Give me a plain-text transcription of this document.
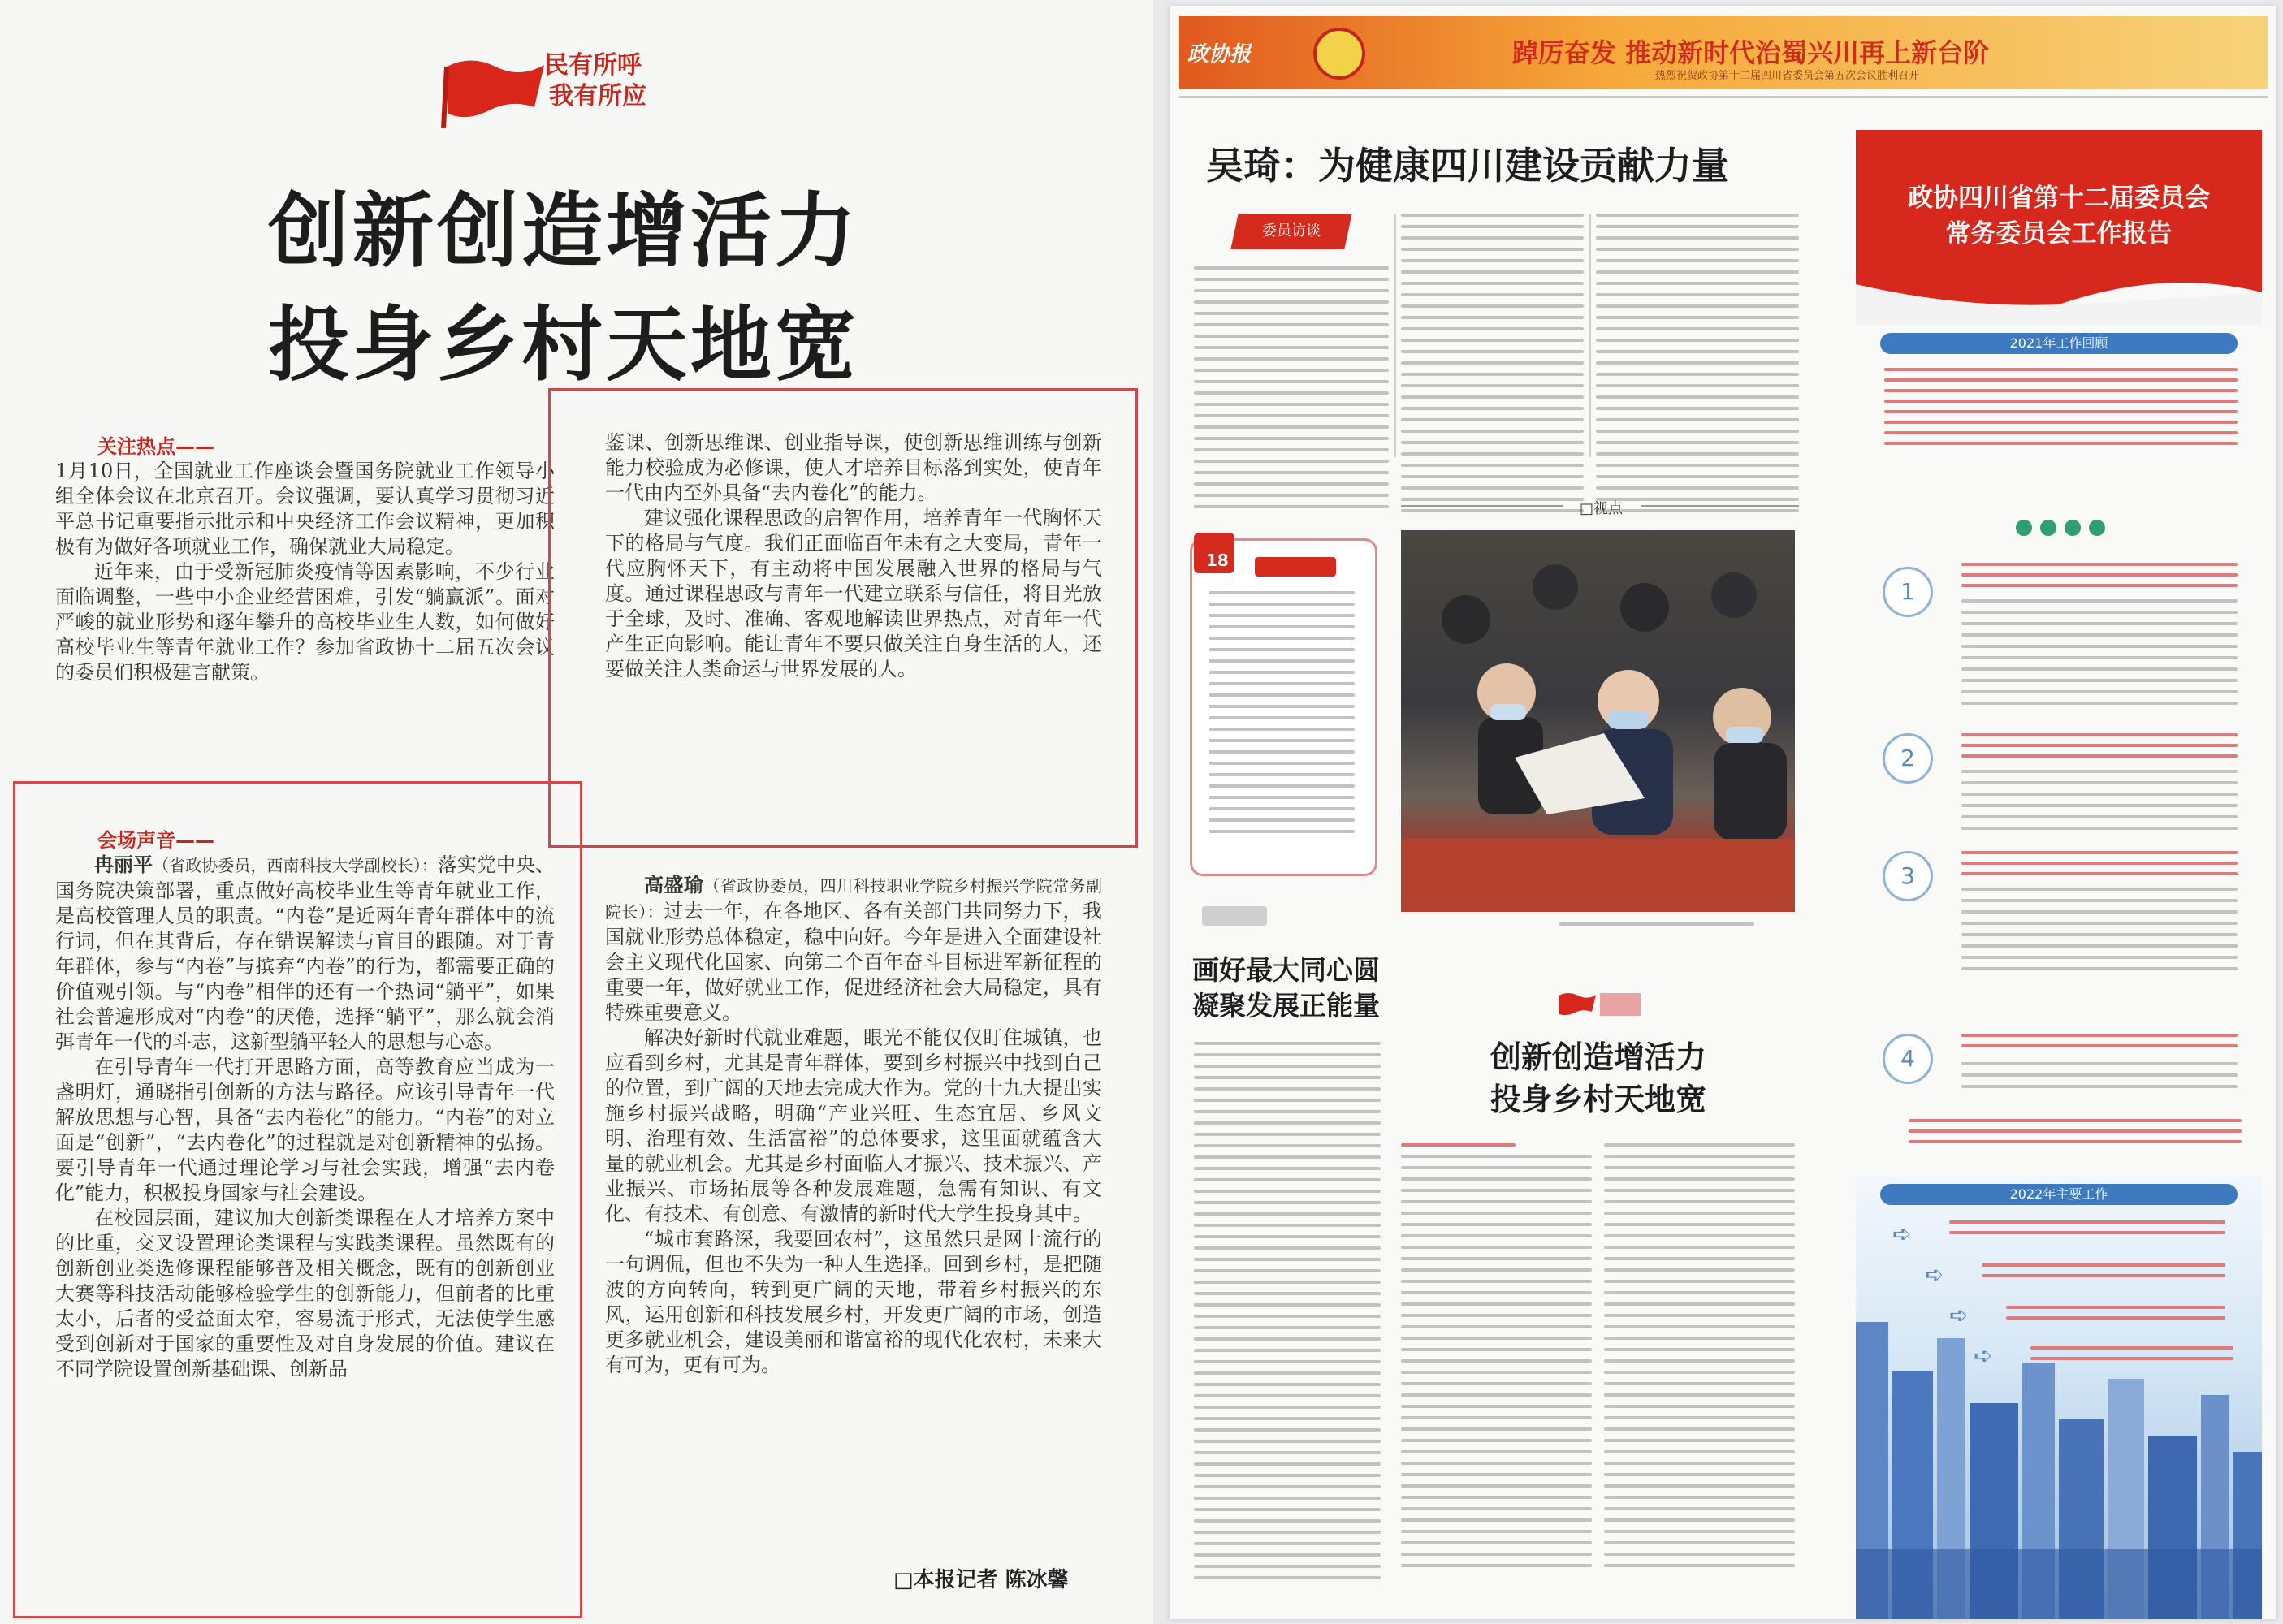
民有所呼
我有所应
创新创造增活力
投身乡村天地宽
关注热点——
1月10日，全国就业工作座谈会暨国务院就业工作领导小组全体会议在北京召开。会议强调，要认真学习贯彻习近平总书记重要指示批示和中央经济工作会议精神，更加积极有为做好各项就业工作，确保就业大局稳定。
近年来，由于受新冠肺炎疫情等因素影响，不少行业面临调整，一些中小企业经营困难，引发“躺赢派”。面对严峻的就业形势和逐年攀升的高校毕业生人数，如何做好高校毕业生等青年就业工作？参加省政协十二届五次会议的委员们积极建言献策。
鉴课、创新思维课、创业指导课，使创新思维训练与创新能力校验成为必修课，使人才培养目标落到实处，使青年一代由内至外具备“去内卷化”的能力。
建议强化课程思政的启智作用，培养青年一代胸怀天下的格局与气度。我们正面临百年未有之大变局，青年一代应胸怀天下，有主动将中国发展融入世界的格局与气度。通过课程思政与青年一代建立联系与信任，将目光放于全球，及时、准确、客观地解读世界热点，对青年一代产生正向影响。能让青年不要只做关注自身生活的人，还要做关注人类命运与世界发展的人。
会场声音——
冉丽平（省政协委员，西南科技大学副校长）：落实党中央、国务院决策部署，重点做好高校毕业生等青年就业工作，是高校管理人员的职责。“内卷”是近两年青年群体中的流行词，但在其背后，存在错误解读与盲目的跟随。对于青年群体，参与“内卷”与摈弃“内卷”的行为，都需要正确的价值观引领。与“内卷”相伴的还有一个热词“躺平”，如果社会普遍形成对“内卷”的厌倦，选择“躺平”，那么就会消弭青年一代的斗志，这新型躺平轻人的思想与心态。
在引导青年一代打开思路方面，高等教育应当成为一盏明灯，通晓指引创新的方法与路径。应该引导青年一代解放思想与心智，具备“去内卷化”的能力。“内卷”的对立面是“创新”，“去内卷化”的过程就是对创新精神的弘扬。要引导青年一代通过理论学习与社会实践，增强“去内卷化”能力，积极投身国家与社会建设。
在校园层面，建议加大创新类课程在人才培养方案中的比重，交叉设置理论类课程与实践类课程。虽然既有的创新创业类选修课程能够普及相关概念，既有的创新创业大赛等科技活动能够检验学生的创新能力，但前者的比重太小，后者的受益面太窄，容易流于形式，无法使学生感受到创新对于国家的重要性及对自身发展的价值。建议在不同学院设置创新基础课、创新品
高盛瑜（省政协委员，四川科技职业学院乡村振兴学院常务副院长）：过去一年，在各地区、各有关部门共同努力下，我国就业形势总体稳定，稳中向好。今年是进入全面建设社会主义现代化国家、向第二个百年奋斗目标进军新征程的重要一年，做好就业工作，促进经济社会大局稳定，具有特殊重要意义。
解决好新时代就业难题，眼光不能仅仅盯住城镇，也应看到乡村，尤其是青年群体，要到乡村振兴中找到自己的位置，到广阔的天地去完成大作为。党的十九大提出实施乡村振兴战略，明确“产业兴旺、生态宜居、乡风文明、治理有效、生活富裕”的总体要求，这里面就蕴含大量的就业机会。尤其是乡村面临人才振兴、技术振兴、产业振兴、市场拓展等各种发展难题，急需有知识、有文化、有技术、有创意、有激情的新时代大学生投身其中。
“城市套路深，我要回农村”，这虽然只是网上流行的一句调侃，但也不失为一种人生选择。回到乡村，是把随波的方向转向，转到更广阔的天地，带着乡村振兴的东风，运用创新和科技发展乡村，开发更广阔的市场，创造更多就业机会，建设美丽和谐富裕的现代化农村，未来大有可为，更有可为。
□本报记者 陈冰馨
政协报	踔厉奋发 推动新时代治蜀兴川再上新台阶
——热烈祝贺政协第十二届四川省委员会第五次会议胜利召开
吴琦：为健康四川建设贡献力量
委员访谈
□视点
18
画好最大同心圆
凝聚发展正能量
创新创造增活力
投身乡村天地宽
政协四川省第十二届委员会
常务委员会工作报告
2021年工作回顾
1
2
3
4
2022年主要工作
➪
➪
➪
➪
